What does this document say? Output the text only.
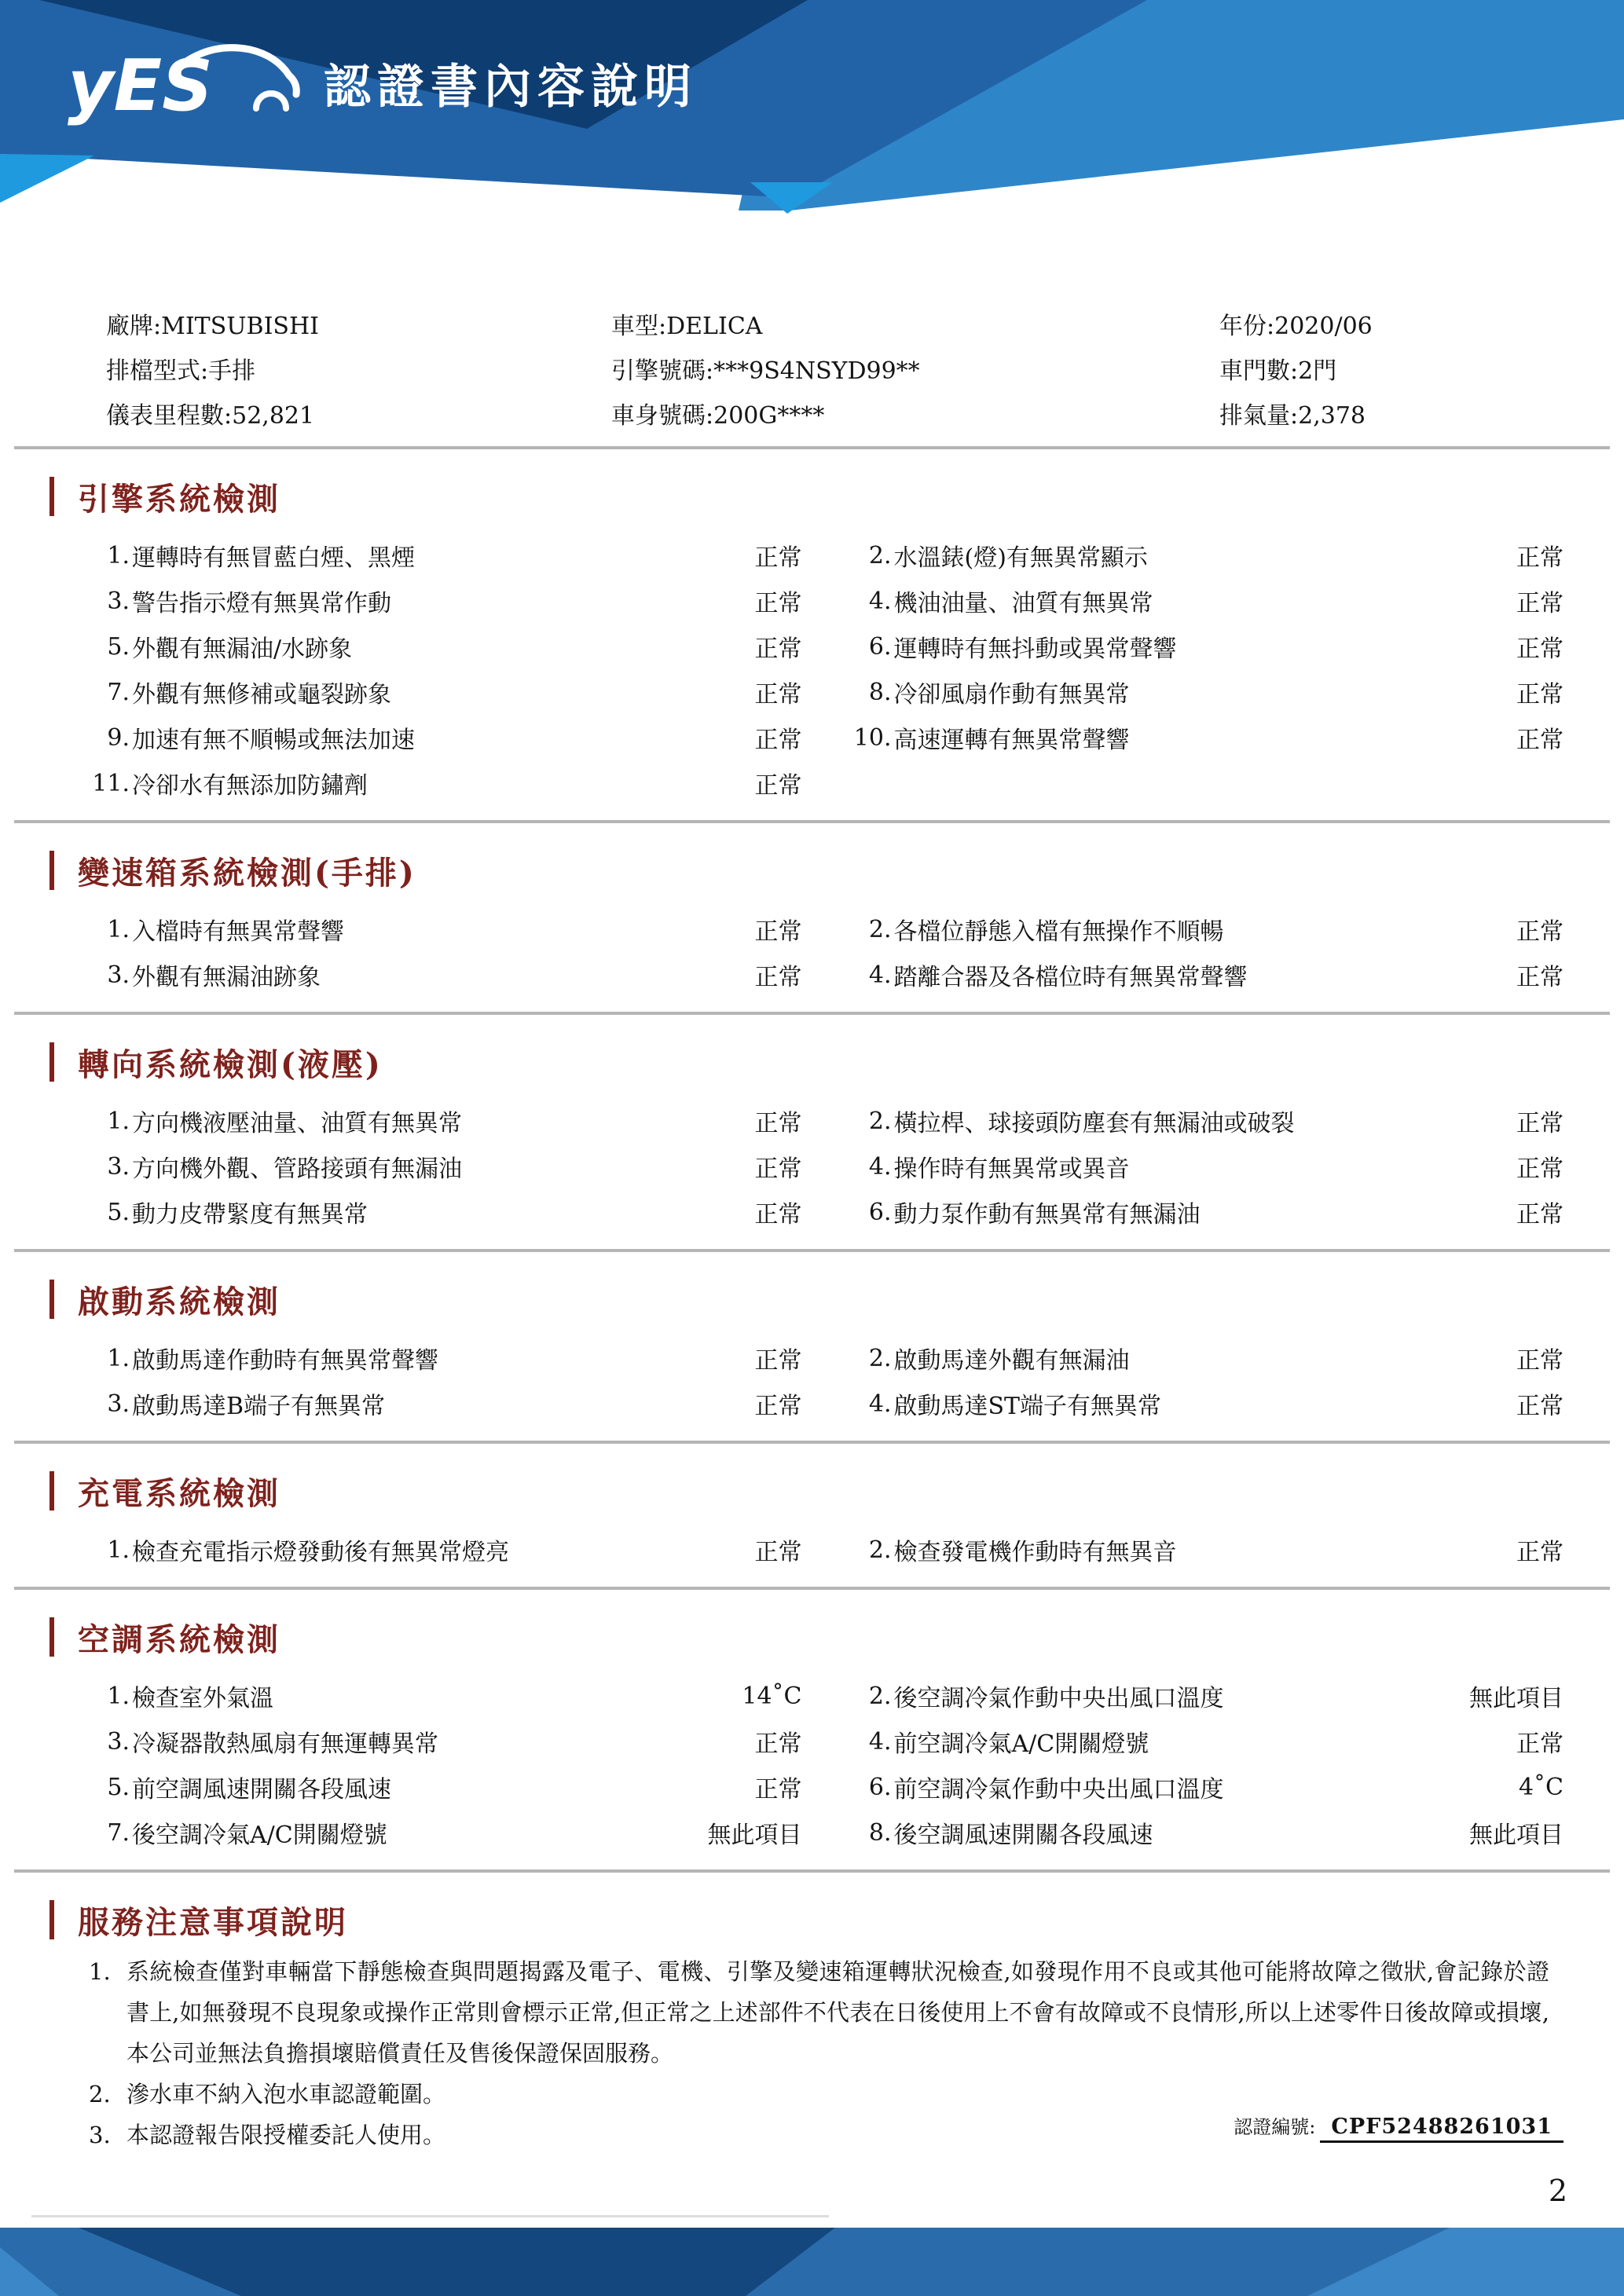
yES 認證書內容說明
廠牌:MITSUBISHI	車型:DELICA	年份:2020/06
排檔型式:手排	引擎號碼:***9S4NSYD99**	車門數:2門
儀表里程數:52,821	車身號碼:200G****	排氣量:2,378
引擎系統檢測
1. 運轉時有無冒藍白煙、黑煙	正常	2. 水溫錶(燈)有無異常顯示	正常
3. 警告指示燈有無異常作動	正常	4. 機油油量、油質有無異常	正常
5. 外觀有無漏油/水跡象	正常	6. 運轉時有無抖動或異常聲響	正常
7. 外觀有無修補或龜裂跡象	正常	8. 冷卻風扇作動有無異常	正常
9. 加速有無不順暢或無法加速	正常 10. 高速運轉有無異常聲響	正常
11. 冷卻水有無添加防鏽劑	正常
變速箱系統檢測(手排)
1. 入檔時有無異常聲響	正常	2. 各檔位靜態入檔有無操作不順暢	正常
3. 外觀有無漏油跡象	正常	4. 踏離合器及各檔位時有無異常聲響	正常
轉向系統檢測(液壓)
1. 方向機液壓油量、油質有無異常	正常	2. 橫拉桿、球接頭防塵套有無漏油或破裂	正常
3. 方向機外觀、管路接頭有無漏油	正常	4. 操作時有無異常或異音	正常
5. 動力皮帶緊度有無異常	正常	6. 動力泵作動有無異常有無漏油	正常
啟動系統檢測
1. 啟動馬達作動時有無異常聲響	正常	2. 啟動馬達外觀有無漏油	正常
3. 啟動馬達B端子有無異常	正常	4. 啟動馬達ST端子有無異常	正常
充電系統檢測
1. 檢查充電指示燈發動後有無異常燈亮	正常	2. 檢查發電機作動時有無異音	正常
空調系統檢測
1. 檢查室外氣溫	14˚C	2. 後空調冷氣作動中央出風口溫度	無此項目
3. 冷凝器散熱風扇有無運轉異常	正常	4. 前空調冷氣A/C開關燈號	正常
5. 前空調風速開關各段風速	正常	6. 前空調冷氣作動中央出風口溫度	4˚C
7. 後空調冷氣A/C開關燈號	無此項目	8. 後空調風速開關各段風速	無此項目
服務注意事項說明
1. 系統檢查僅對車輛當下靜態檢查與問題揭露及電子、電機、引擎及變速箱運轉狀況檢查,如發現作用不良或其他可能將故障之徵狀,會記錄於證書上,如無發現不良現象或操作正常則會標示正常,但正常之上述部件不代表在日後使用上不會有故障或不良情形,所以上述零件日後故障或損壞,本公司並無法負擔損壞賠償責任及售後保證保固服務。
2. 滲水車不納入泡水車認證範圍。
3. 本認證報告限授權委託人使用。	認證編號: CPF52488261031
2
